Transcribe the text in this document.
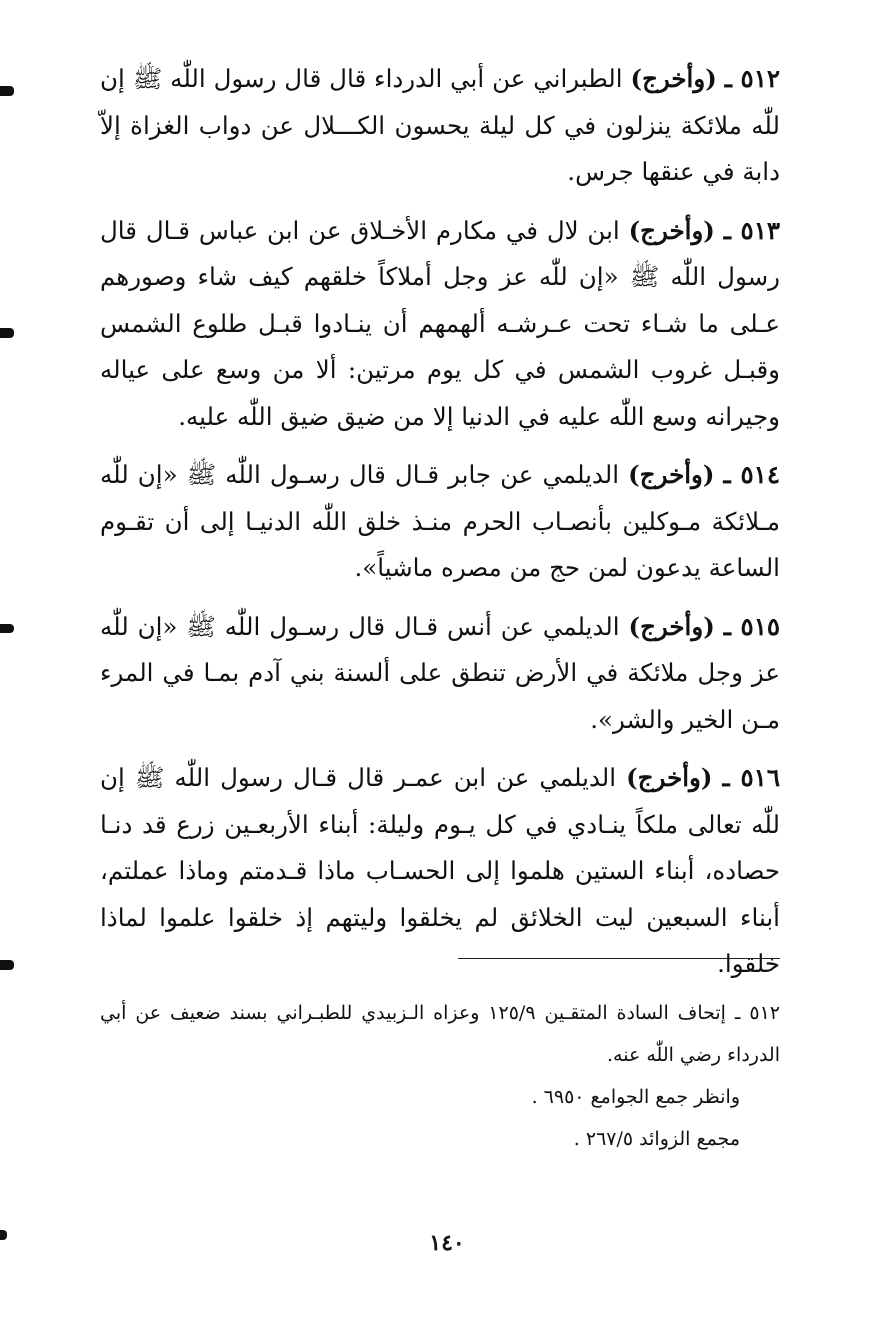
٥١٢ ـ (وأخرج) الطبراني عن أبي الدرداء قال قال رسول اللّٰه ﷺ إن للّٰه ملائكة ينزلون في كل ليلة يحسون الكـــلال عن دواب الغزاة إلاّ دابة في عنقها جرس.

٥١٣ ـ (وأخرج) ابن لال في مكارم الأخـلاق عن ابن عباس قـال قال رسول اللّٰه ﷺ «إن للّٰه عز وجل أملاكاً خلقهم كيف شاء وصورهم عـلى ما شـاء تحت عـرشـه ألهمهم أن ينـادوا قبـل طلوع الشمس وقبـل غروب الشمس في كل يوم مرتين: ألا من وسع على عياله وجيرانه وسع اللّٰه عليه في الدنيا إلا من ضيق ضيق اللّٰه عليه.

٥١٤ ـ (وأخرج) الديلمي عن جابر قـال قال رسـول اللّٰه ﷺ «إن للّٰه مـلائكة مـوكلين بأنصـاب الحرم منـذ خلق اللّٰه الدنيـا إلى أن تقـوم الساعة يدعون لمن حج من مصره ماشياً».

٥١٥ ـ (وأخرج) الديلمي عن أنس قـال قال رسـول اللّٰه ﷺ «إن للّٰه عز وجل ملائكة في الأرض تنطق على ألسنة بني آدم بمـا في المرء مـن الخير والشر».

٥١٦ ـ (وأخرج) الديلمي عن ابن عمـر قال قـال رسول اللّٰه ﷺ إن للّٰه تعالى ملكاً ينـادي في كل يـوم وليلة: أبناء الأربعـين زرع قد دنـا حصاده، أبناء الستين هلموا إلى الحسـاب ماذا قـدمتم وماذا عملتم، أبناء السبعين ليت الخلائق لم يخلقوا وليتهم إذ خلقوا علموا لماذا خلقوا.

٥١٢ ـ إتحاف السادة المتقـين ١٢٥/٩ وعزاه الـزبيدي للطبـراني بسند ضعيف عن أبي الدرداء رضي اللّٰه عنه.
وانظر جمع الجوامع ٦٩٥٠ .
مجمع الزوائد ٢٦٧/٥ .
١٤٠
